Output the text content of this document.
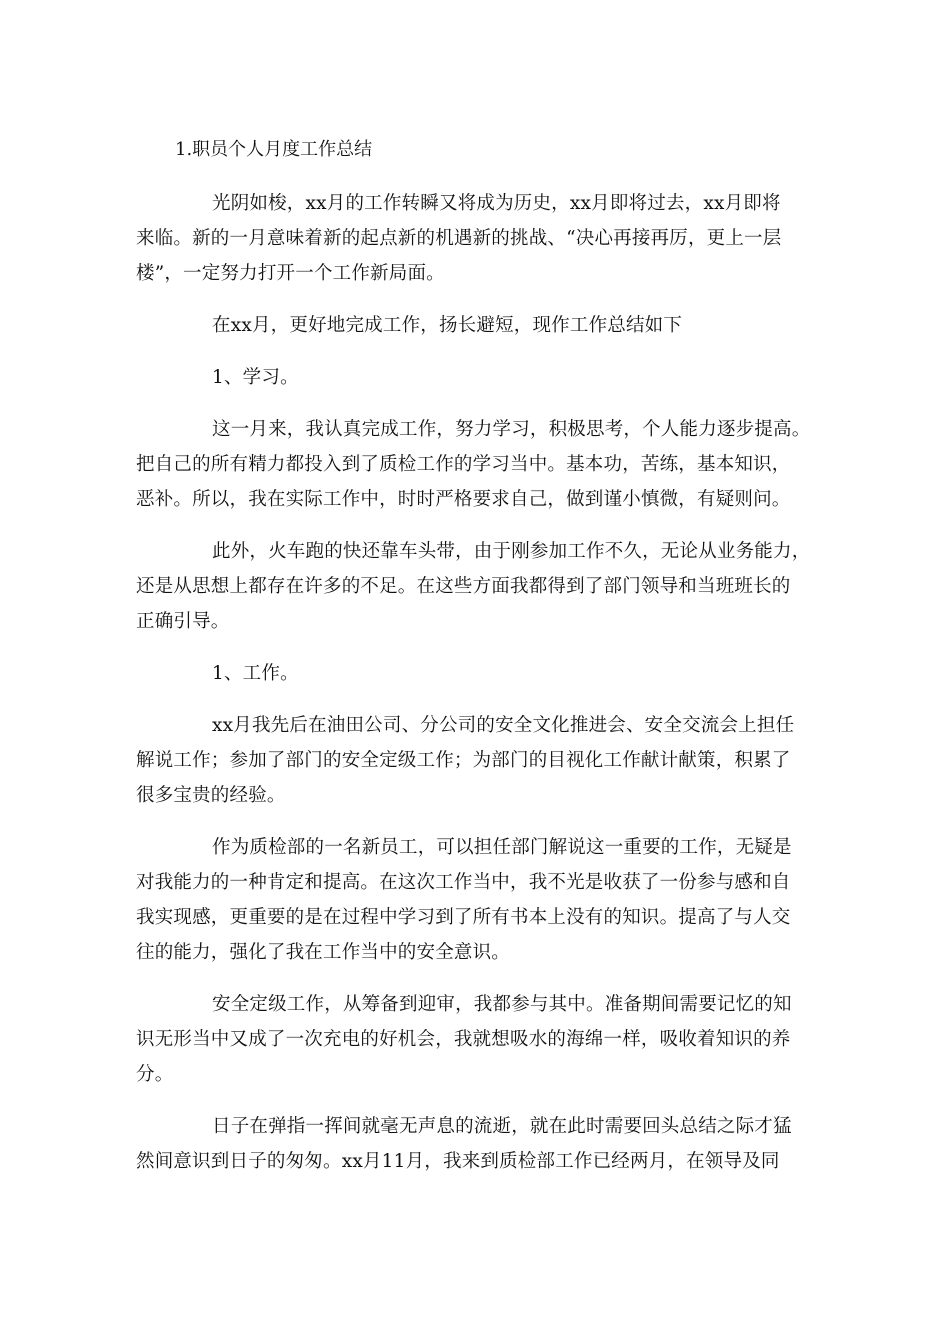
1.职员个人月度工作总结
光阴如梭，xx月的工作转瞬又将成为历史，xx月即将过去，xx月即将
来临。新的一月意味着新的起点新的机遇新的挑战、“决心再接再厉，更上一层
楼”，一定努力打开一个工作新局面。
在xx月，更好地完成工作，扬长避短，现作工作总结如下
1、学习。
这一月来，我认真完成工作，努力学习，积极思考，个人能力逐步提高。
把自己的所有精力都投入到了质检工作的学习当中。基本功，苦练，基本知识，
恶补。所以，我在实际工作中，时时严格要求自己，做到谨小慎微，有疑则问。
此外，火车跑的快还靠车头带，由于刚参加工作不久，无论从业务能力，
还是从思想上都存在许多的不足。在这些方面我都得到了部门领导和当班班长的
正确引导。
1、工作。
xx月我先后在油田公司、分公司的安全文化推进会、安全交流会上担任
解说工作；参加了部门的安全定级工作；为部门的目视化工作献计献策，积累了
很多宝贵的经验。
作为质检部的一名新员工，可以担任部门解说这一重要的工作，无疑是
对我能力的一种肯定和提高。在这次工作当中，我不光是收获了一份参与感和自
我实现感，更重要的是在过程中学习到了所有书本上没有的知识。提高了与人交
往的能力，强化了我在工作当中的安全意识。
安全定级工作，从筹备到迎审，我都参与其中。准备期间需要记忆的知
识无形当中又成了一次充电的好机会，我就想吸水的海绵一样，吸收着知识的养
分。
日子在弹指一挥间就毫无声息的流逝，就在此时需要回头总结之际才猛
然间意识到日子的匆匆。xx月11月，我来到质检部工作已经两月，在领导及同
